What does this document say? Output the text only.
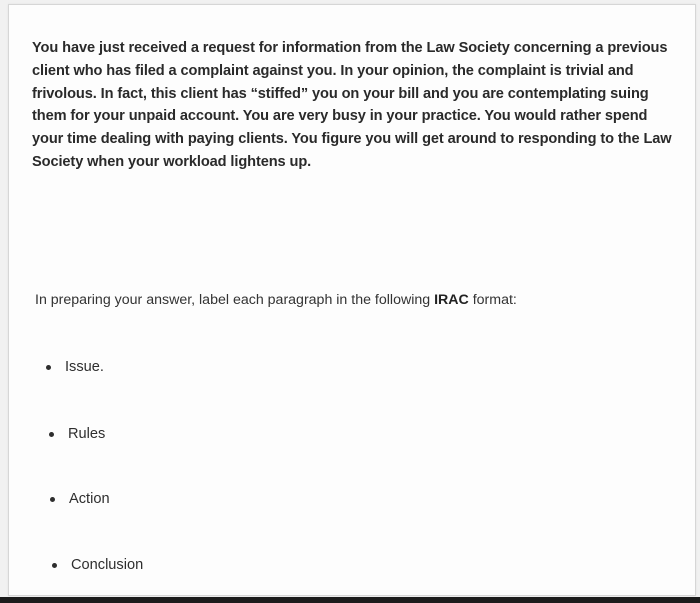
You have just received a request for information from the Law Society concerning a previous client who has filed a complaint against you. In your opinion, the complaint is trivial and frivolous. In fact, this client has “stiffed” you on your bill and you are contemplating suing them for your unpaid account. You are very busy in your practice. You would rather spend your time dealing with paying clients. You figure you will get around to responding to the Law Society when your workload lightens up.

In preparing your answer, label each paragraph in the following IRAC format:

Issue.
Rules
Action
Conclusion
